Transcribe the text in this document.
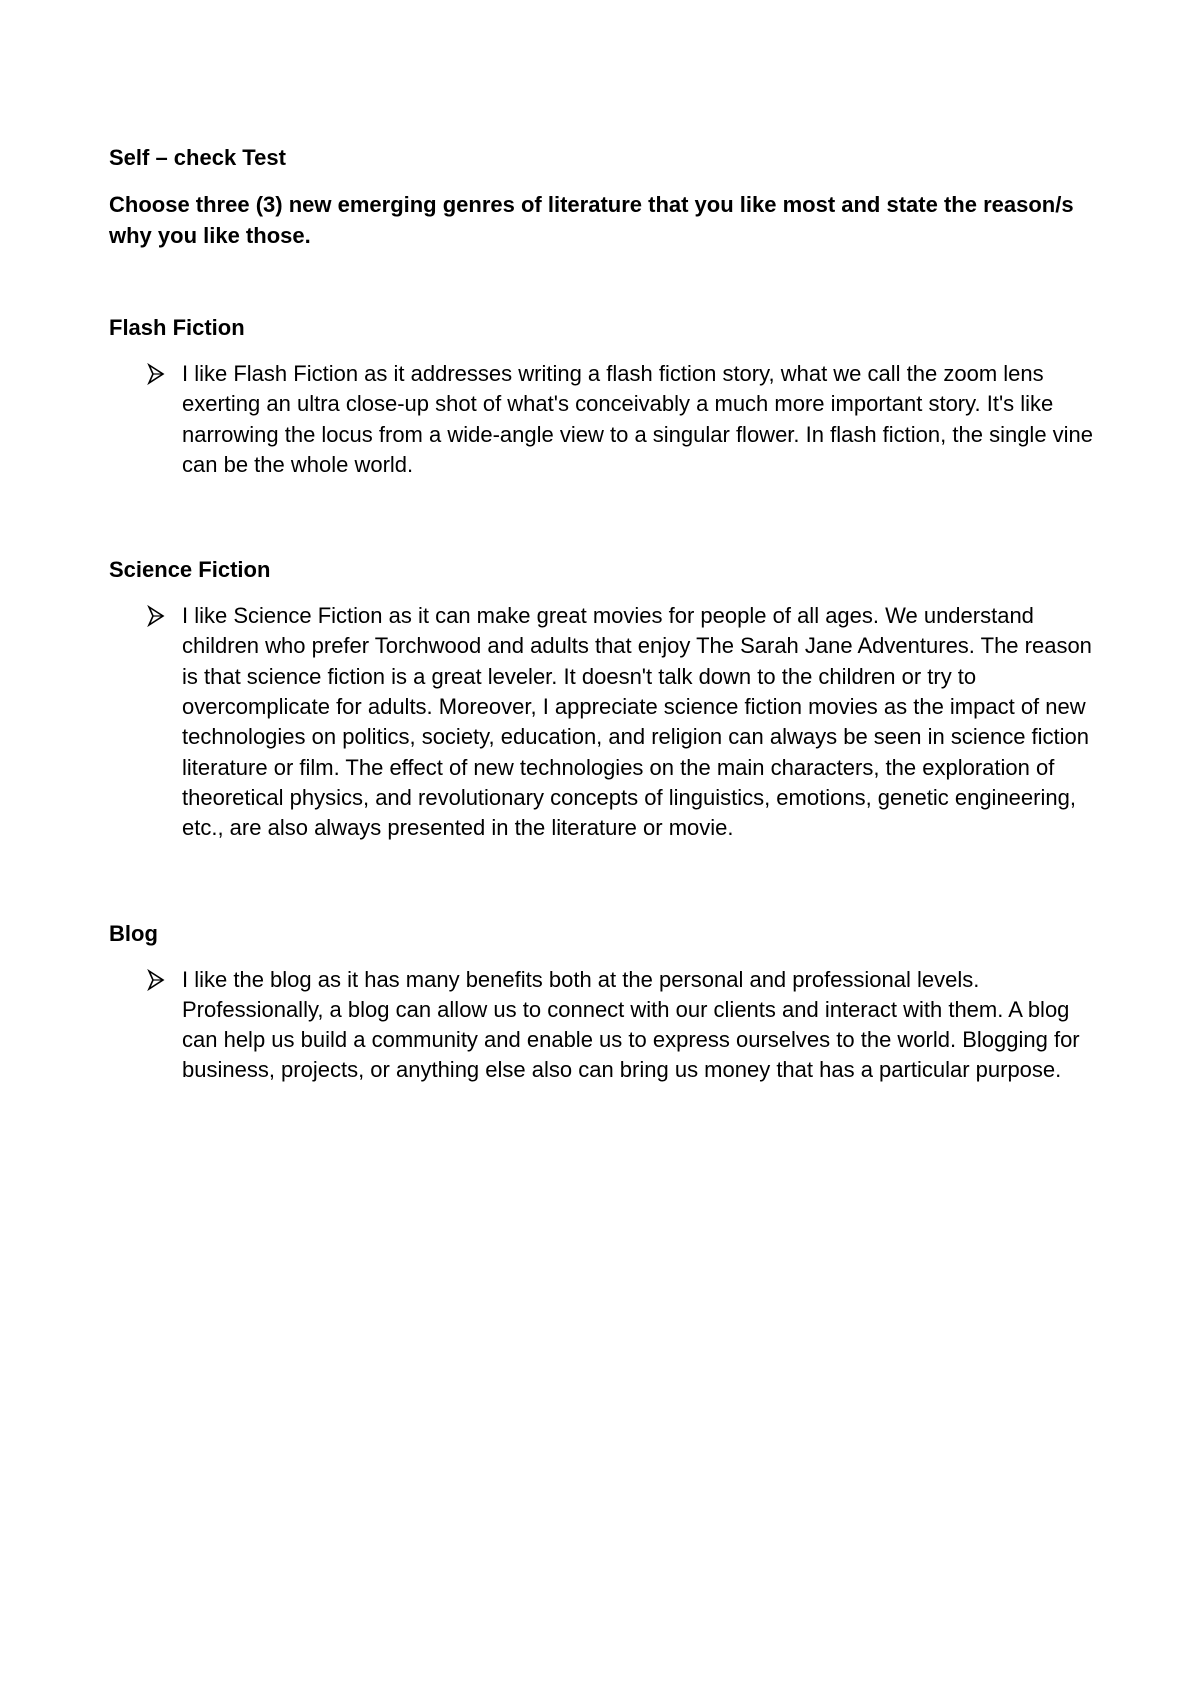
Self – check Test

Choose three (3) new emerging genres of literature that you like most and state the reason/s why you like those.

Flash Fiction

I like Flash Fiction as it addresses writing a flash fiction story, what we call the zoom lens exerting an ultra close-up shot of what's conceivably a much more important story. It's like narrowing the locus from a wide-angle view to a singular flower. In flash fiction, the single vine can be the whole world.

Science Fiction

I like Science Fiction as it can make great movies for people of all ages. We understand children who prefer Torchwood and adults that enjoy The Sarah Jane Adventures. The reason is that science fiction is a great leveler. It doesn't talk down to the children or try to overcomplicate for adults. Moreover, I appreciate science fiction movies as the impact of new technologies on politics, society, education, and religion can always be seen in science fiction literature or film. The effect of new technologies on the main characters, the exploration of theoretical physics, and revolutionary concepts of linguistics, emotions, genetic engineering, etc., are also always presented in the literature or movie.

Blog

I like the blog as it has many benefits both at the personal and professional levels. Professionally, a blog can allow us to connect with our clients and interact with them. A blog can help us build a community and enable us to express ourselves to the world. Blogging for business, projects, or anything else also can bring us money that has a particular purpose.
